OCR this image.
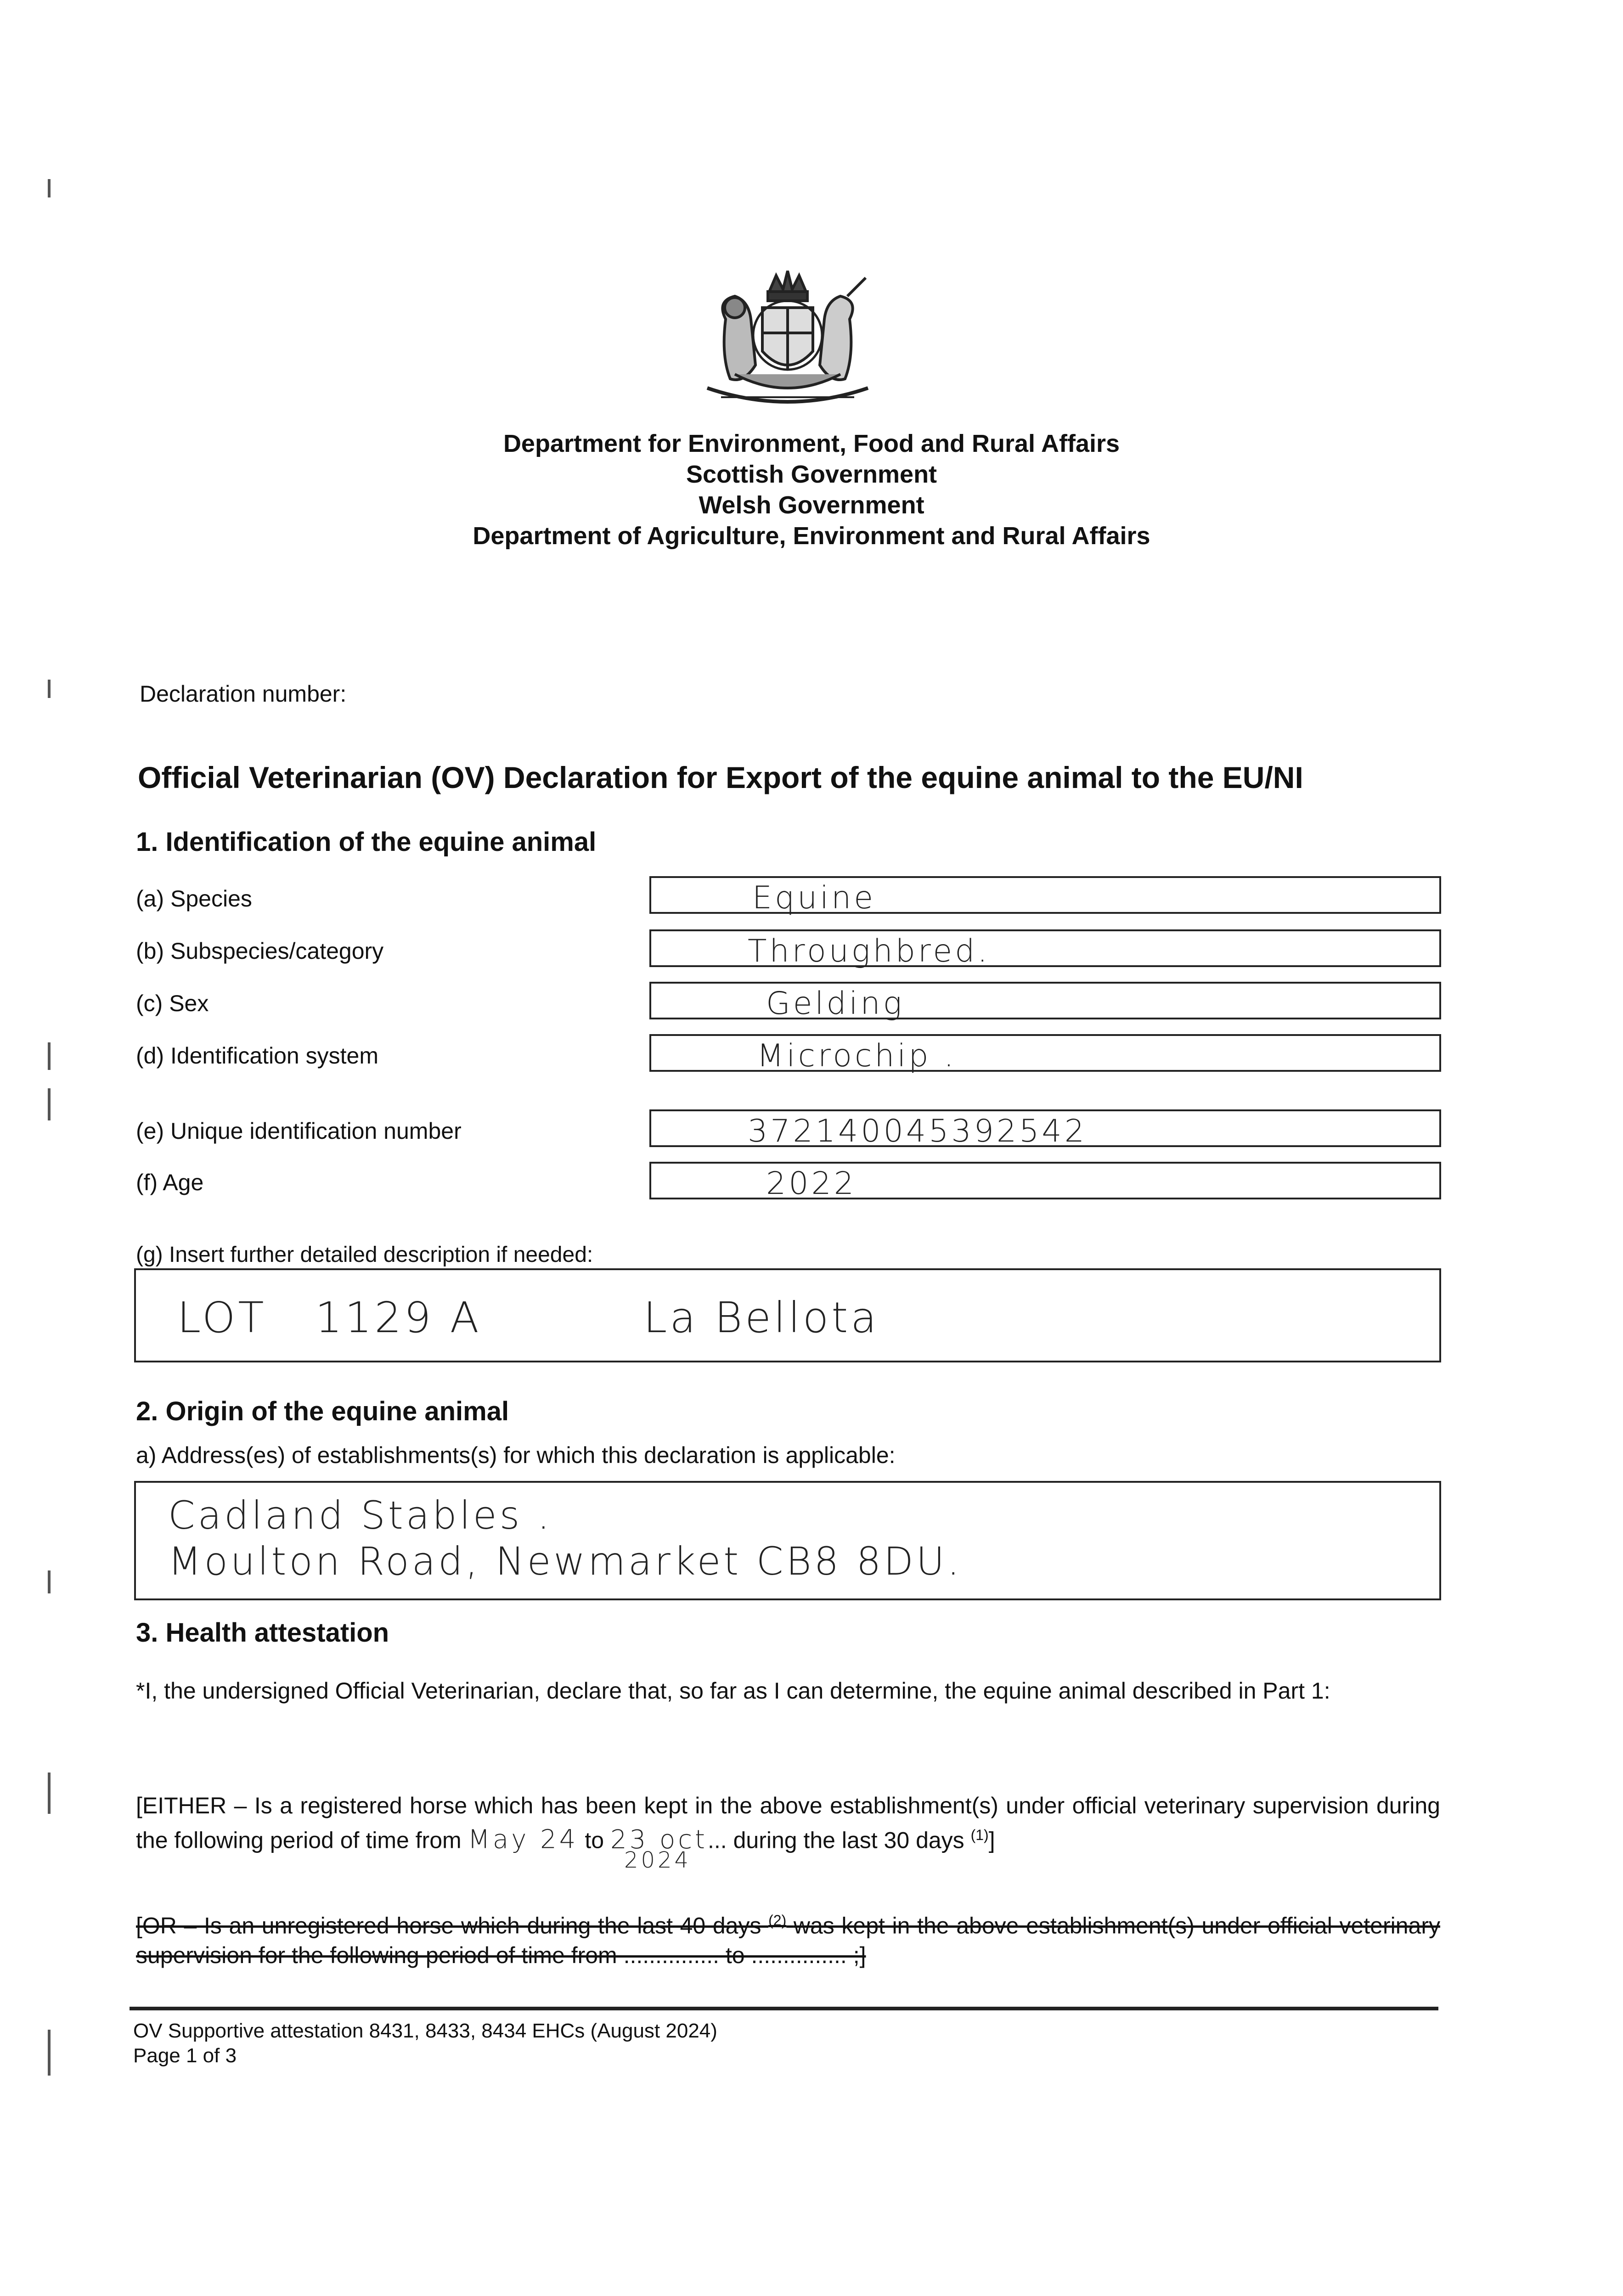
Department for Environment, Food and Rural Affairs
Scottish Government
Welsh Government
Department of Agriculture, Environment and Rural Affairs
Declaration number:
Official Veterinarian (OV) Declaration for Export of the equine animal to the EU/NI
1. Identification of the equine animal
(a) Species	Equine
(b) Subspecies/category	Throughbred.
(c) Sex	Gelding
(d) Identification system	Microchip .
(e) Unique identification number	372140045392542
(f) Age	2022
(g) Insert further detailed description if needed:
LOT   1129 A          La Bellota
2. Origin of the equine animal
a) Address(es) of establishments(s) for which this declaration is applicable:
Cadland Stables .
Moulton Road, Newmarket CB8 8DU.
3. Health attestation
*I, the undersigned Official Veterinarian, declare that, so far as I can determine, the equine animal described in Part 1:
[EITHER – Is a registered horse which has been kept in the above establishment(s) under official veterinary supervision during the following period of time from May 24 to 23 oct
2024
... during the last 30 days $^{(1)}$]
[OR – Is an unregistered horse which during the last 40 days $^{(2)}$ was kept in the above establishment(s) under official veterinary supervision for the following period of time from ............... to ............... ;]
OV Supportive attestation 8431, 8433, 8434 EHCs (August 2024)
Page 1 of 3
